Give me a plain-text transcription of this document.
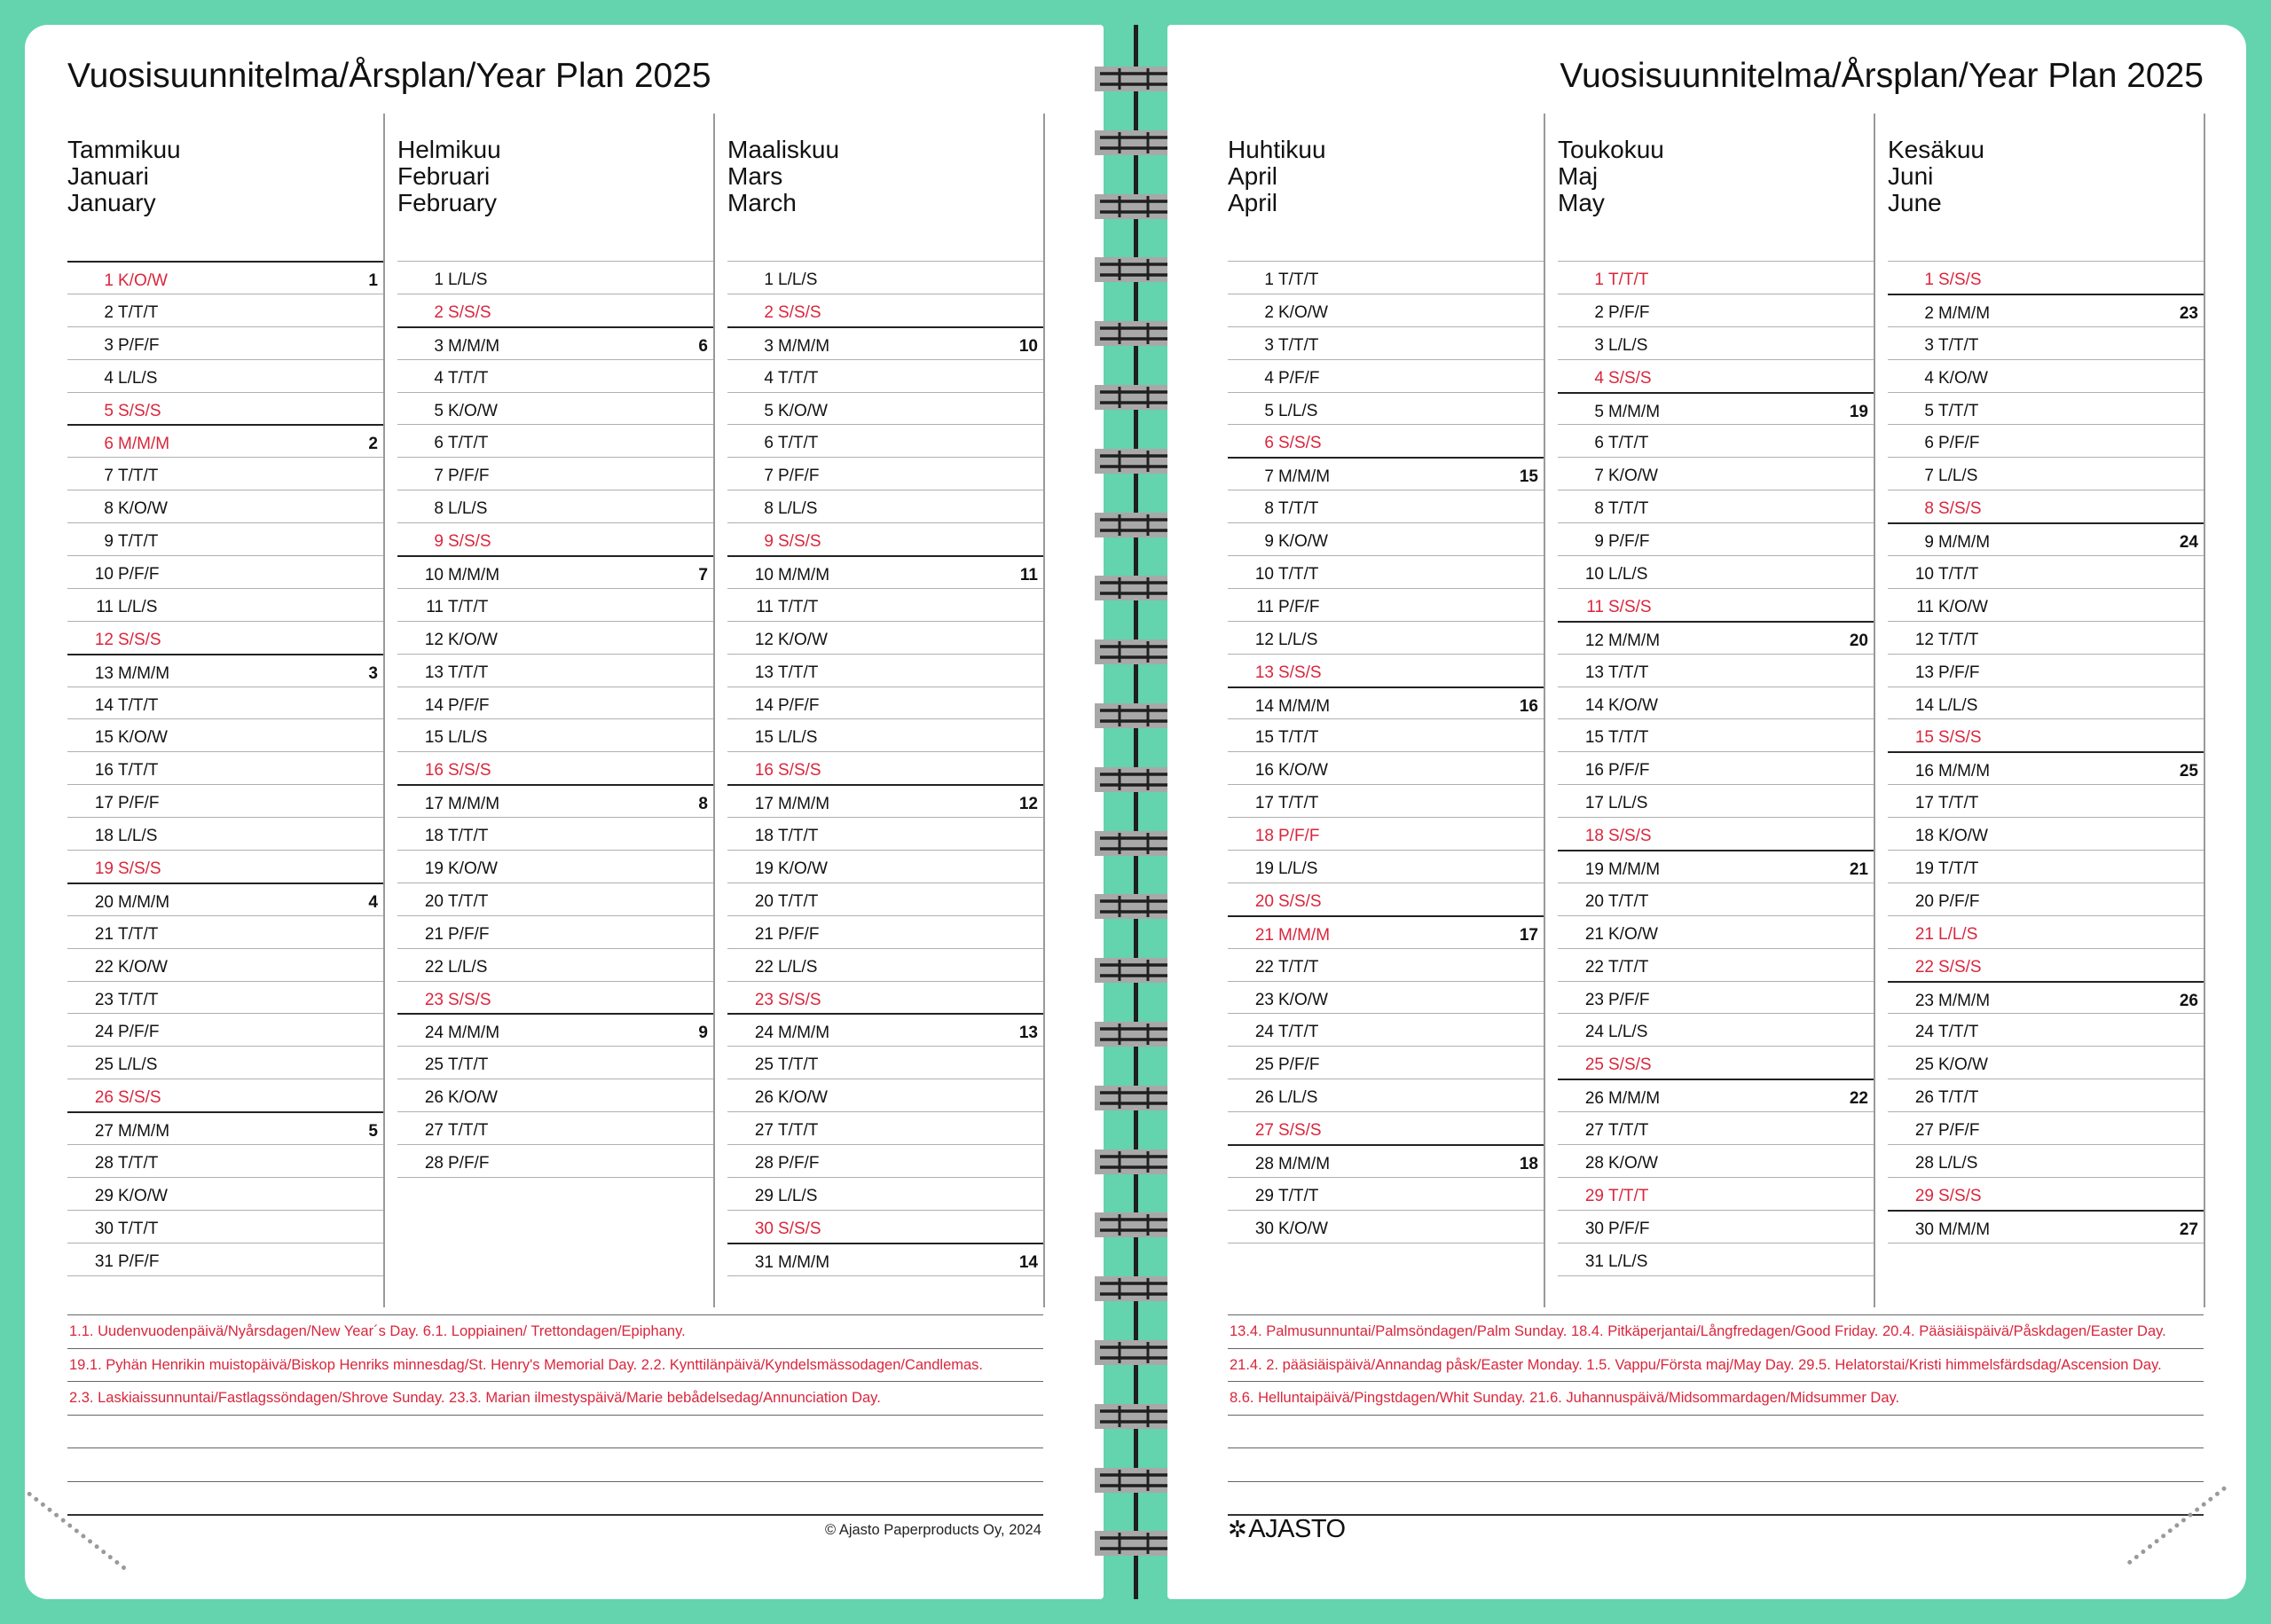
Vuosisuunnitelma/Årsplan/Year Plan 2025
Tammikuu
Januari
January
1 K/O/W	1
2 T/T/T
3 P/F/F
4 L/L/S
5 S/S/S
6 M/M/M	2
7 T/T/T
8 K/O/W
9 T/T/T
10 P/F/F
11 L/L/S
12 S/S/S
13 M/M/M	3
14 T/T/T
15 K/O/W
16 T/T/T
17 P/F/F
18 L/L/S
19 S/S/S
20 M/M/M	4
21 T/T/T
22 K/O/W
23 T/T/T
24 P/F/F
25 L/L/S
26 S/S/S
27 M/M/M	5
28 T/T/T
29 K/O/W
30 T/T/T
31 P/F/F
Helmikuu
Februari
February
1 L/L/S
2 S/S/S
3 M/M/M	6
4 T/T/T
5 K/O/W
6 T/T/T
7 P/F/F
8 L/L/S
9 S/S/S
10 M/M/M	7
11 T/T/T
12 K/O/W
13 T/T/T
14 P/F/F
15 L/L/S
16 S/S/S
17 M/M/M	8
18 T/T/T
19 K/O/W
20 T/T/T
21 P/F/F
22 L/L/S
23 S/S/S
24 M/M/M	9
25 T/T/T
26 K/O/W
27 T/T/T
28 P/F/F
Maaliskuu
Mars
March
1 L/L/S
2 S/S/S
3 M/M/M	10
4 T/T/T
5 K/O/W
6 T/T/T
7 P/F/F
8 L/L/S
9 S/S/S
10 M/M/M	11
11 T/T/T
12 K/O/W
13 T/T/T
14 P/F/F
15 L/L/S
16 S/S/S
17 M/M/M	12
18 T/T/T
19 K/O/W
20 T/T/T
21 P/F/F
22 L/L/S
23 S/S/S
24 M/M/M	13
25 T/T/T
26 K/O/W
27 T/T/T
28 P/F/F
29 L/L/S
30 S/S/S
31 M/M/M	14
1.1. Uudenvuodenpäivä/Nyårsdagen/New Year´s Day. 6.1. Loppiainen/ Trettondagen/Epiphany.
19.1. Pyhän Henrikin muistopäivä/Biskop Henriks minnesdag/St. Henry's Memorial Day. 2.2. Kynttilänpäivä/Kyndelsmässodagen/Candlemas.
2.3. Laskiaissunnuntai/Fastlagssöndagen/Shrove Sunday. 23.3. Marian ilmestyspäivä/Marie bebådelsedag/Annunciation Day.
© Ajasto Paperproducts Oy, 2024
Vuosisuunnitelma/Årsplan/Year Plan 2025
Huhtikuu
April
April
1 T/T/T
2 K/O/W
3 T/T/T
4 P/F/F
5 L/L/S
6 S/S/S
7 M/M/M	15
8 T/T/T
9 K/O/W
10 T/T/T
11 P/F/F
12 L/L/S
13 S/S/S
14 M/M/M	16
15 T/T/T
16 K/O/W
17 T/T/T
18 P/F/F
19 L/L/S
20 S/S/S
21 M/M/M	17
22 T/T/T
23 K/O/W
24 T/T/T
25 P/F/F
26 L/L/S
27 S/S/S
28 M/M/M	18
29 T/T/T
30 K/O/W
Toukokuu
Maj
May
1 T/T/T
2 P/F/F
3 L/L/S
4 S/S/S
5 M/M/M	19
6 T/T/T
7 K/O/W
8 T/T/T
9 P/F/F
10 L/L/S
11 S/S/S
12 M/M/M	20
13 T/T/T
14 K/O/W
15 T/T/T
16 P/F/F
17 L/L/S
18 S/S/S
19 M/M/M	21
20 T/T/T
21 K/O/W
22 T/T/T
23 P/F/F
24 L/L/S
25 S/S/S
26 M/M/M	22
27 T/T/T
28 K/O/W
29 T/T/T
30 P/F/F
31 L/L/S
Kesäkuu
Juni
June
1 S/S/S
2 M/M/M	23
3 T/T/T
4 K/O/W
5 T/T/T
6 P/F/F
7 L/L/S
8 S/S/S
9 M/M/M	24
10 T/T/T
11 K/O/W
12 T/T/T
13 P/F/F
14 L/L/S
15 S/S/S
16 M/M/M	25
17 T/T/T
18 K/O/W
19 T/T/T
20 P/F/F
21 L/L/S
22 S/S/S
23 M/M/M	26
24 T/T/T
25 K/O/W
26 T/T/T
27 P/F/F
28 L/L/S
29 S/S/S
30 M/M/M	27
13.4. Palmusunnuntai/Palmsöndagen/Palm Sunday. 18.4. Pitkäperjantai/Långfredagen/Good Friday. 20.4. Pääsiäispäivä/Påskdagen/Easter Day.
21.4. 2. pääsiäispäivä/Annandag påsk/Easter Monday. 1.5. Vappu/Första maj/May Day. 29.5. Helatorstai/Kristi himmelsfärdsdag/Ascension Day.
8.6. Helluntaipäivä/Pingstdagen/Whit Sunday. 21.6. Juhannuspäivä/Midsommardagen/Midsummer Day.
✲AJASTO
